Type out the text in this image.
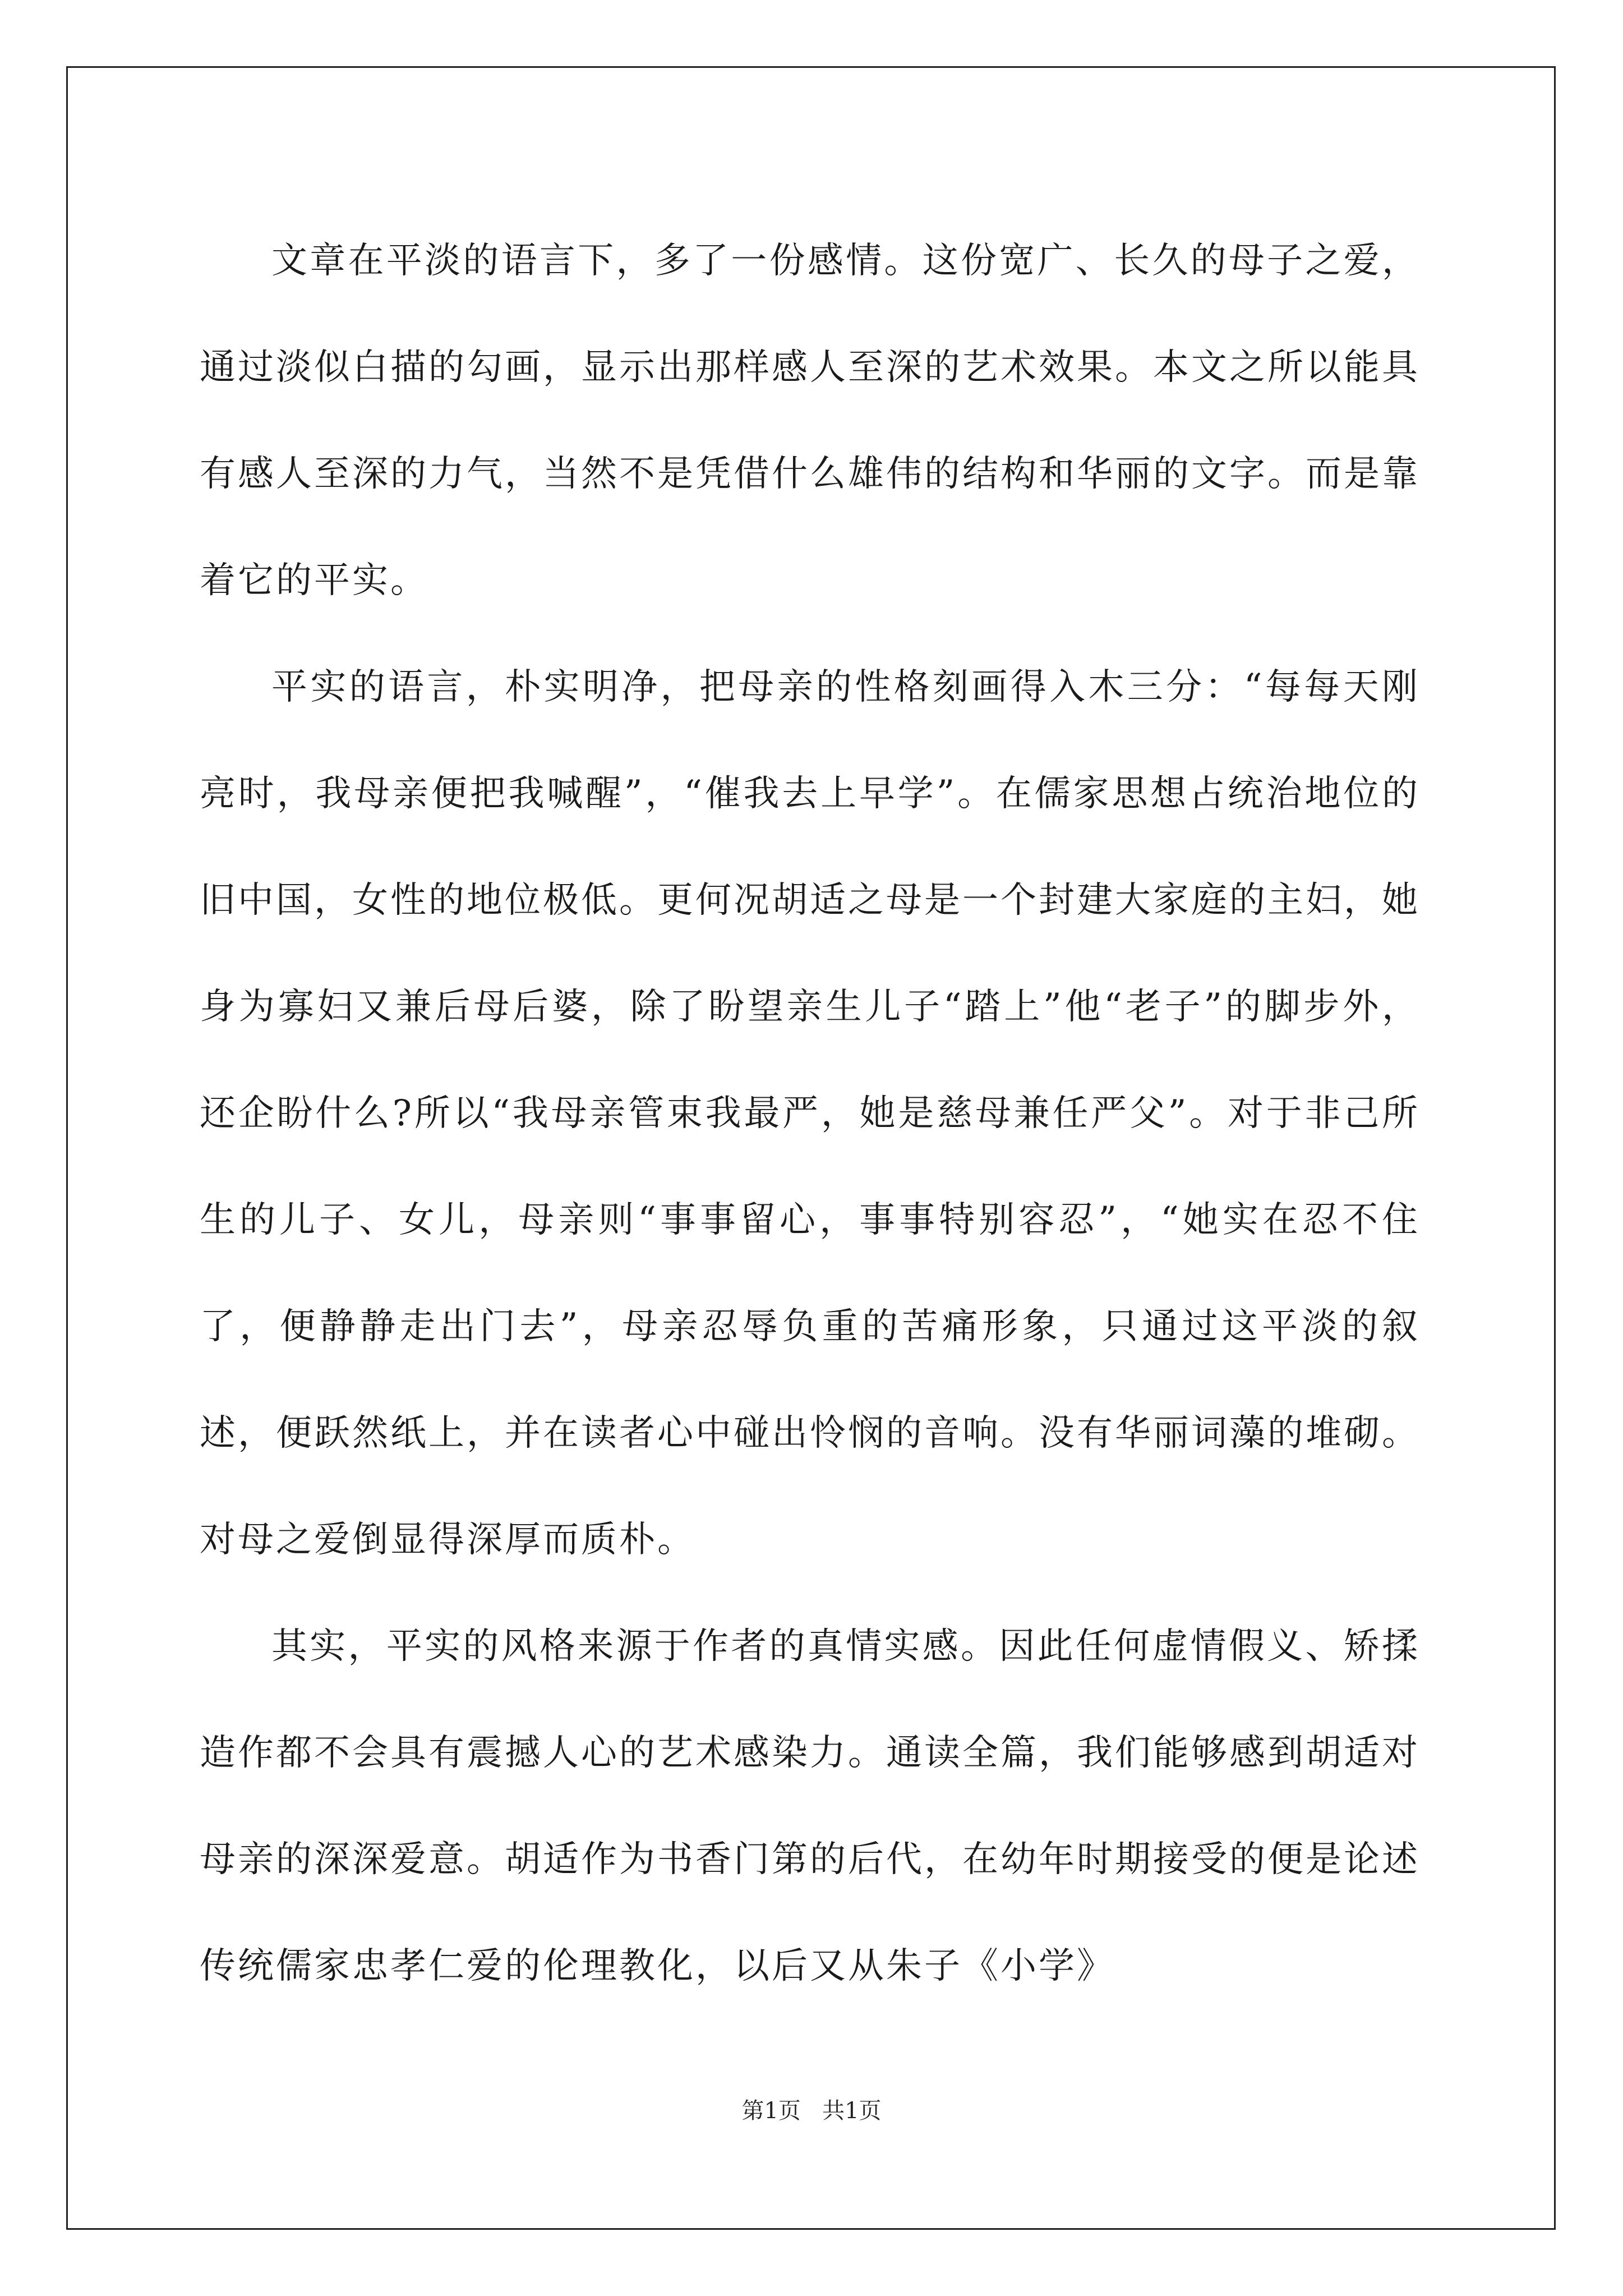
文章在平淡的语言下，多了一份感情。这份宽广、长久的母子之爱，通过淡似白描的勾画，显示出那样感人至深的艺术效果。本文之所以能具有感人至深的力气，当然不是凭借什么雄伟的结构和华丽的文字。而是靠着它的平实。

平实的语言，朴实明净，把母亲的性格刻画得入木三分：“每每天刚亮时，我母亲便把我喊醒”，“催我去上早学”。在儒家思想占统治地位的旧中国，女性的地位极低。更何况胡适之母是一个封建大家庭的主妇，她身为寡妇又兼后母后婆，除了盼望亲生儿子“踏上”他“老子”的脚步外，还企盼什么?所以“我母亲管束我最严，她是慈母兼任严父”。对于非己所生的儿子、女儿，母亲则“事事留心，事事特别容忍”，“她实在忍不住了，便静静走出门去”，母亲忍辱负重的苦痛形象，只通过这平淡的叙述，便跃然纸上，并在读者心中碰出怜悯的音响。没有华丽词藻的堆砌。对母之爱倒显得深厚而质朴。

其实，平实的风格来源于作者的真情实感。因此任何虚情假义、矫揉造作都不会具有震撼人心的艺术感染力。通读全篇，我们能够感到胡适对母亲的深深爱意。胡适作为书香门第的后代，在幼年时期接受的便是论述传统儒家忠孝仁爱的伦理教化，以后又从朱子《小学》

第1页 共1页
